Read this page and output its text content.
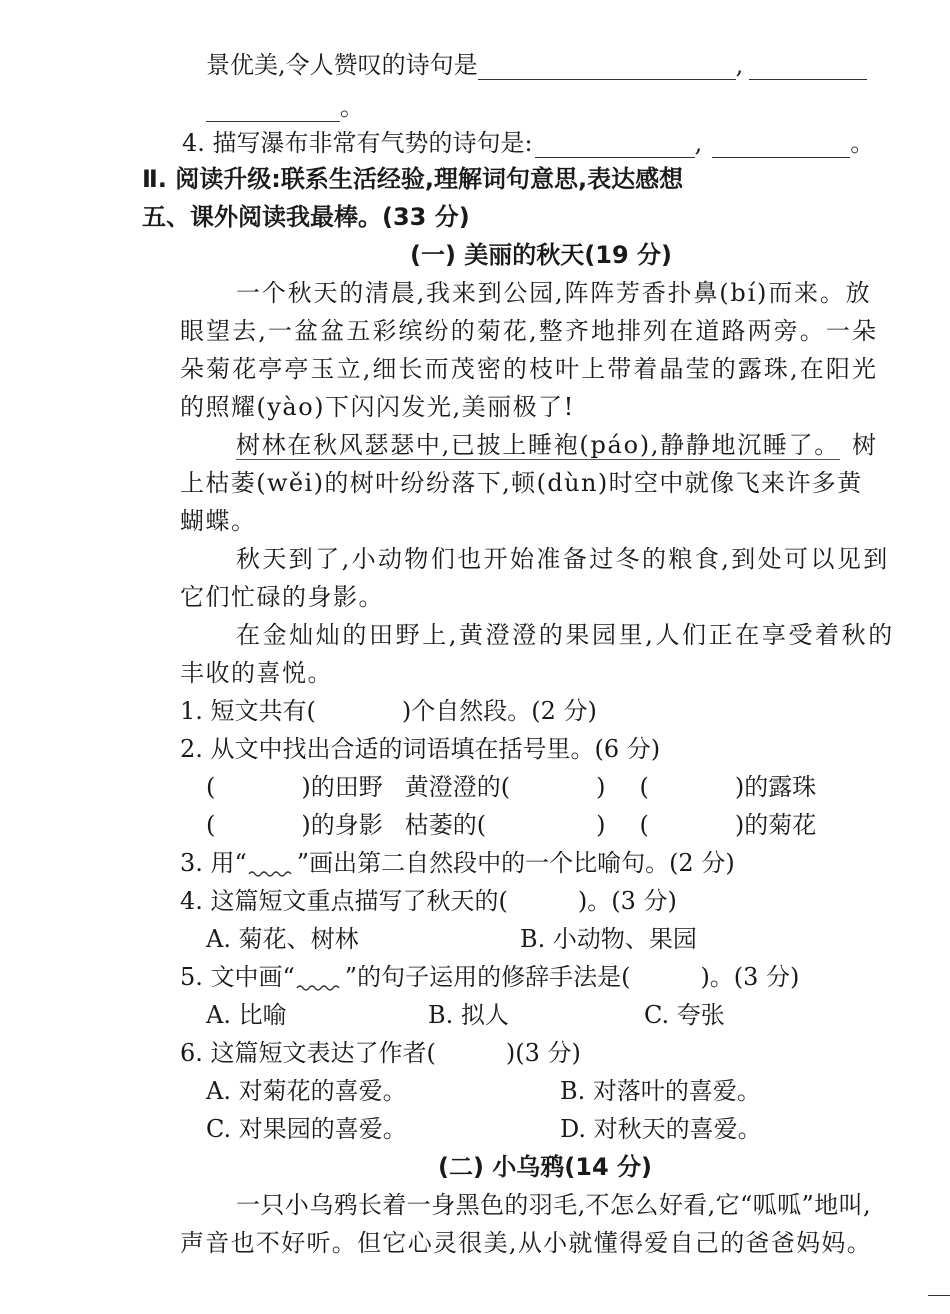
景优美,令人赞叹的诗句是	,
。
4. 描写瀑布非常有气势的诗句是:	,	。
Ⅱ. 阅读升级:联系生活经验,理解词句意思,表达感想
五、课外阅读我最棒。(33 分)
(一) 美丽的秋天(19 分)
一个秋天的清晨,我来到公园,阵阵芳香扑鼻(bí)而来。放
眼望去,一盆盆五彩缤纷的菊花,整齐地排列在道路两旁。一朵
朵菊花亭亭玉立,细长而茂密的枝叶上带着晶莹的露珠,在阳光
的照耀(yào)下闪闪发光,美丽极了!
树林在秋风瑟瑟中,已披上睡袍(páo),静静地沉睡了。 树
上枯萎(wěi)的树叶纷纷落下,顿(dùn)时空中就像飞来许多黄
蝴蝶。
秋天到了,小动物们也开始准备过冬的粮食,到处可以见到
它们忙碌的身影。
在金灿灿的田野上,黄澄澄的果园里,人们正在享受着秋的
丰收的喜悦。
1. 短文共有(	)个自然段。(2 分)
2. 从文中找出合适的词语填在括号里。(6 分)
(	)的田野 黄澄澄的(	) (	)的露珠
(	)的身影 枯萎的(	) (	)的菊花
3. 用“ ”画出第二自然段中的一个比喻句。(2 分)
4. 这篇短文重点描写了秋天的(	)。(3 分)
A. 菊花、树林	B. 小动物、果园
5. 文中画“ ”的句子运用的修辞手法是(	)。(3 分)
A. 比喻	B. 拟人	C. 夸张
6. 这篇短文表达了作者(	)(3 分)
A. 对菊花的喜爱。	B. 对落叶的喜爱。
C. 对果园的喜爱。	D. 对秋天的喜爱。
(二) 小乌鸦(14 分)
一只小乌鸦长着一身黑色的羽毛,不怎么好看,它“呱呱”地叫,
声音也不好听。但它心灵很美,从小就懂得爱自己的爸爸妈妈。
